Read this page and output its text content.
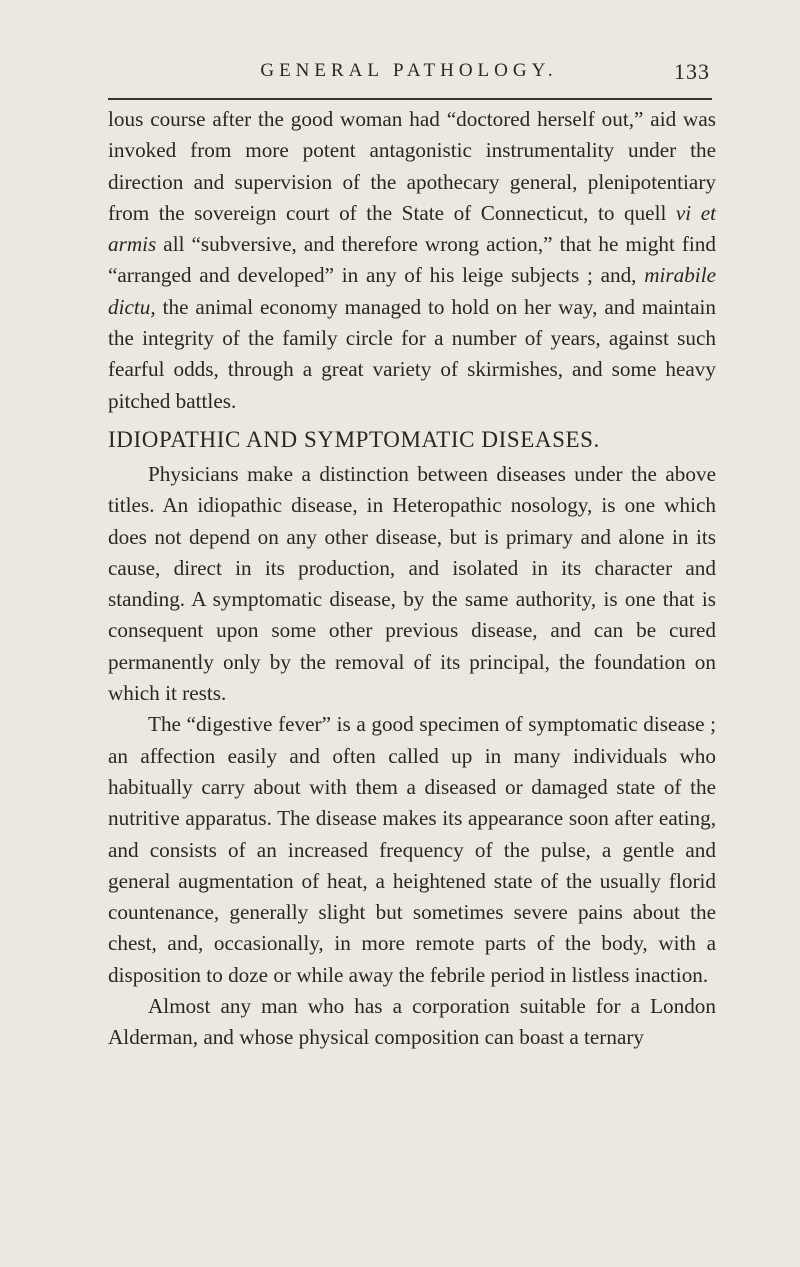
GENERAL PATHOLOGY.	133

lous course after the good woman had “doctored herself out,” aid was invoked from more potent antagonistic instrumentality under the direction and supervision of the apothecary general, plenipotentiary from the sovereign court of the State of Connecticut, to quell vi et armis all “subversive, and therefore wrong action,” that he might find “arranged and developed” in any of his leige subjects ; and, mirabile dictu, the animal economy managed to hold on her way, and maintain the integrity of the family circle for a number of years, against such fearful odds, through a great variety of skirmishes, and some heavy pitched battles.

IDIOPATHIC AND SYMPTOMATIC DISEASES.

Physicians make a distinction between diseases under the above titles. An idiopathic disease, in Heteropathic nosology, is one which does not depend on any other disease, but is primary and alone in its cause, direct in its production, and isolated in its character and standing. A symptomatic disease, by the same authority, is one that is consequent upon some other previous disease, and can be cured permanently only by the removal of its principal, the foundation on which it rests.

The “digestive fever” is a good specimen of symptomatic disease ; an affection easily and often called up in many individuals who habitually carry about with them a diseased or damaged state of the nutritive apparatus. The disease makes its appearance soon after eating, and consists of an increased frequency of the pulse, a gentle and general augmentation of heat, a heightened state of the usually florid countenance, generally slight but sometimes severe pains about the chest, and, occasionally, in more remote parts of the body, with a disposition to doze or while away the febrile period in listless inaction.

Almost any man who has a corporation suitable for a London Alderman, and whose physical composition can boast a ternary
